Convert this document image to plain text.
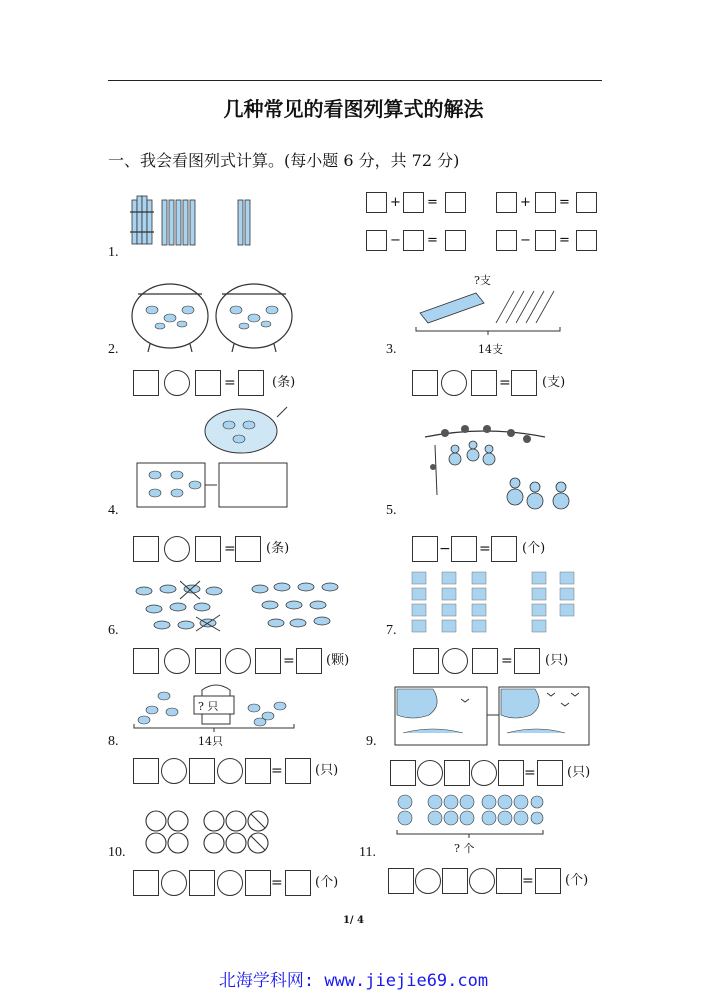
几种常见的看图列算式的解法
一、我会看图列式计算。(每小题 6 分，共 72 分)
1.
+ =	+ =
− =	− =
2.
=	(条)
3.
?支
14支
= (支)
4.
= (条)
5.
− = (个)
6.
= (颗)
7.
= (只)
8.
? 只
14只
= (只)
9.
= (只)
10.
= (个)
11.	? 个
= (个)
1/ 4
北海学科网: www.jiejie69.com
